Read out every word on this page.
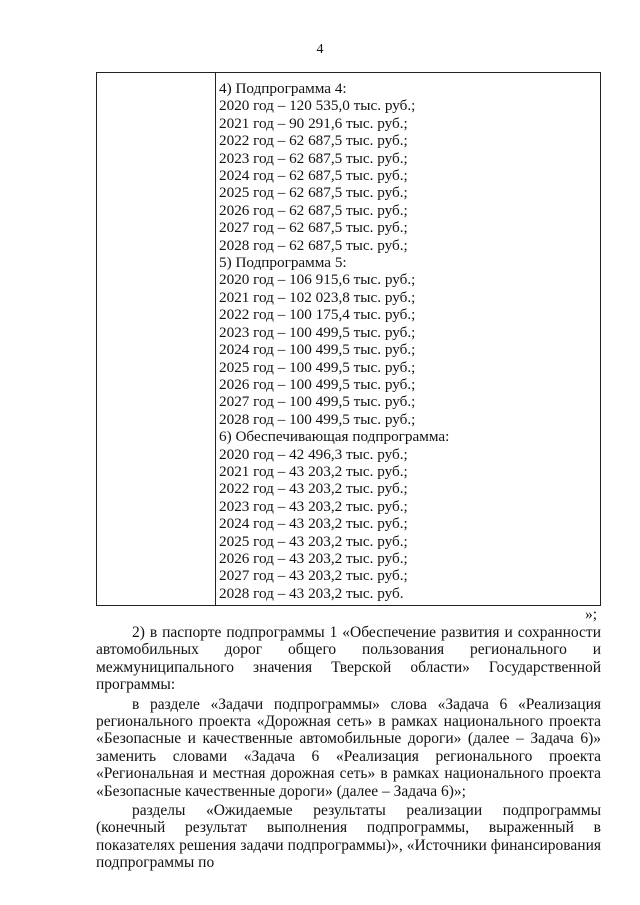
4
4) Подпрограмма 4:
2020 год – 120 535,0 тыс. руб.;
2021 год – 90 291,6 тыс. руб.;
2022 год – 62 687,5 тыс. руб.;
2023 год – 62 687,5 тыс. руб.;
2024 год – 62 687,5 тыс. руб.;
2025 год – 62 687,5 тыс. руб.;
2026 год – 62 687,5 тыс. руб.;
2027 год – 62 687,5 тыс. руб.;
2028 год – 62 687,5 тыс. руб.;
5) Подпрограмма 5:
2020 год – 106 915,6 тыс. руб.;
2021 год – 102 023,8 тыс. руб.;
2022 год – 100 175,4 тыс. руб.;
2023 год – 100 499,5 тыс. руб.;
2024 год – 100 499,5 тыс. руб.;
2025 год – 100 499,5 тыс. руб.;
2026 год – 100 499,5 тыс. руб.;
2027 год – 100 499,5 тыс. руб.;
2028 год – 100 499,5 тыс. руб.;
6) Обеспечивающая подпрограмма:
2020 год – 42 496,3 тыс. руб.;
2021 год – 43 203,2 тыс. руб.;
2022 год – 43 203,2 тыс. руб.;
2023 год – 43 203,2 тыс. руб.;
2024 год – 43 203,2 тыс. руб.;
2025 год – 43 203,2 тыс. руб.;
2026 год – 43 203,2 тыс. руб.;
2027 год – 43 203,2 тыс. руб.;
2028 год – 43 203,2 тыс. руб.
»;

2) в паспорте подпрограммы 1 «Обеспечение развития и сохранности автомобильных дорог общего пользования регионального и межмуниципального значения Тверской области» Государственной программы:

в разделе «Задачи подпрограммы» слова «Задача 6 «Реализация регионального проекта «Дорожная сеть» в рамках национального проекта «Безопасные и качественные автомобильные дороги» (далее – Задача 6)» заменить словами «Задача 6 «Реализация регионального проекта «Региональная и местная дорожная сеть» в рамках национального проекта «Безопасные качественные дороги» (далее – Задача 6)»;

разделы «Ожидаемые результаты реализации подпрограммы (конечный результат выполнения подпрограммы, выраженный в показателях решения задачи подпрограммы)», «Источники финансирования подпрограммы по
